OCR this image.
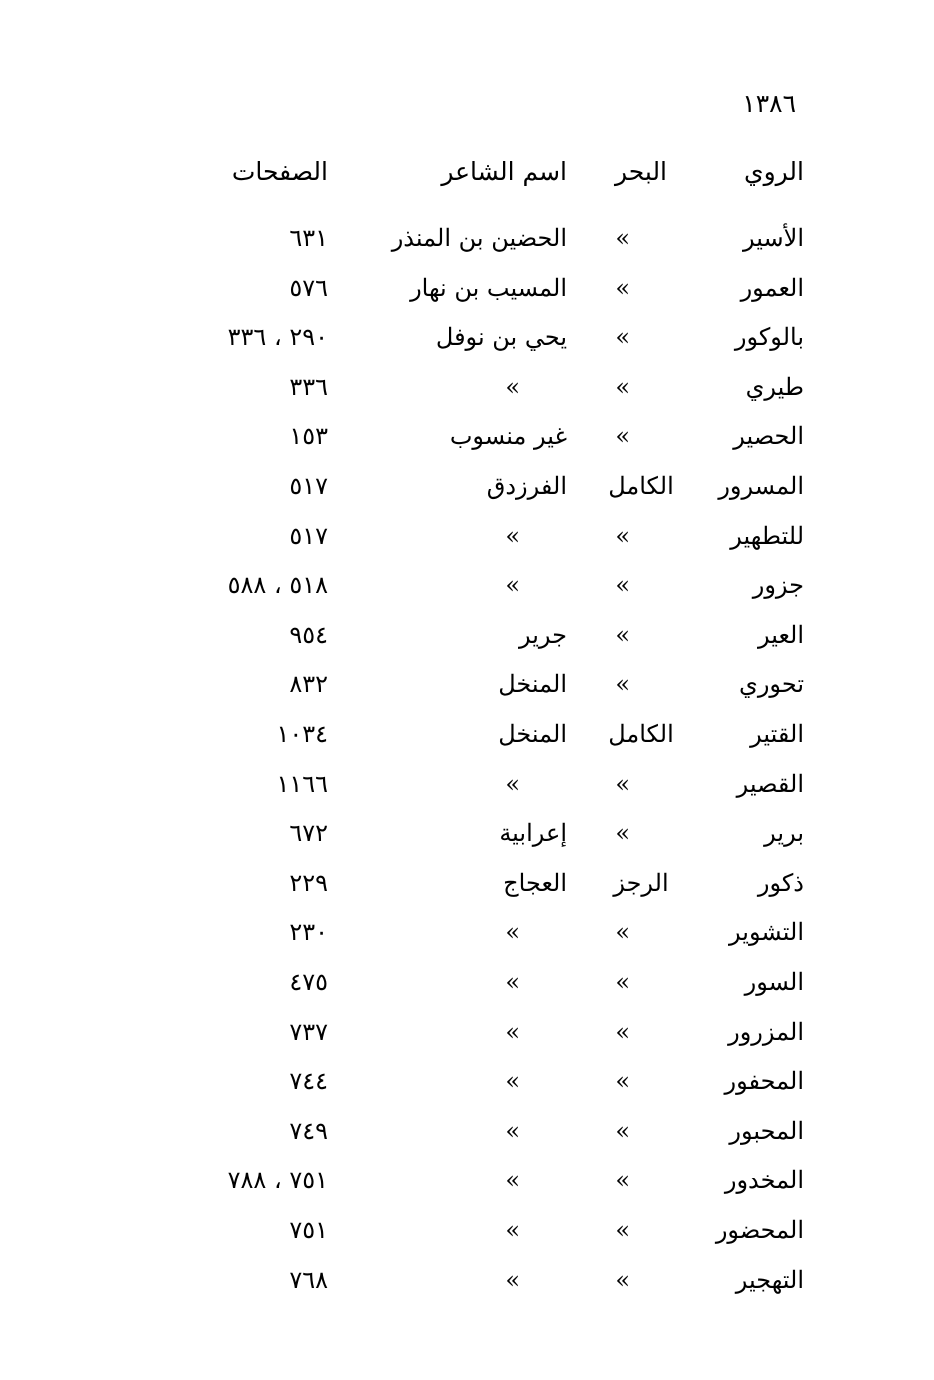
١٣٨٦
الروي
البحر
اسم الشاعر
الصفحات
الأسير
»
الحضين بن المنذر
٦٣١
العمور
»
المسيب بن نهار
٥٧٦
بالوكور
»
يحي بن نوفل
٢٩٠ ، ٣٣٦
طيري
»
»
٣٣٦
الحصير
»
غير منسوب
١٥٣
المسرور
الكامل
الفرزدق
٥١٧
للتطهير
»
»
٥١٧
جزور
»
»
٥١٨ ، ٥٨٨
العير
»
جرير
٩٥٤
تحوري
»
المنخل
٨٣٢
القتير
الكامل
المنخل
١٠٣٤
القصير
»
»
١١٦٦
برير
»
إعرابية
٦٧٢
ذكور
الرجز
العجاج
٢٢٩
التشوير
»
»
٢٣٠
السور
»
»
٤٧٥
المزرور
»
»
٧٣٧
المحفور
»
»
٧٤٤
المحبور
»
»
٧٤٩
المخدور
»
»
٧٥١ ، ٧٨٨
المحضور
»
»
٧٥١
التهجير
»
»
٧٦٨
